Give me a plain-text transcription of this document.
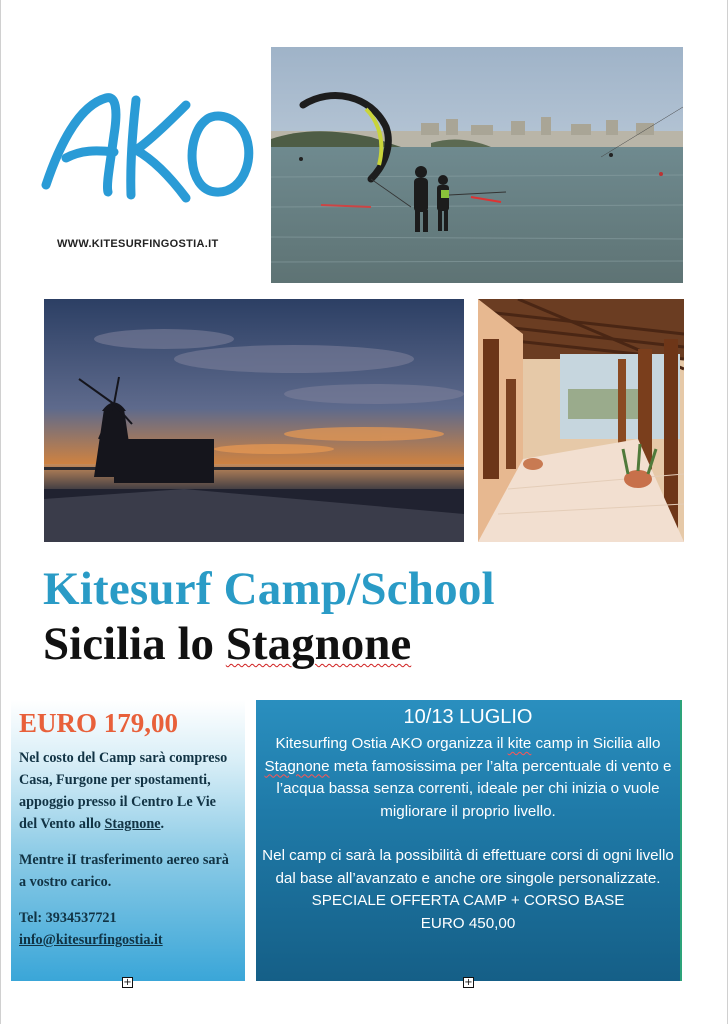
WWW.KITESURFINGOSTIA.IT
Kitesurf Camp/School
Sicilia lo Stagnone
EURO 179,00
Nel costo del Camp sarà compreso Casa, Furgone per spostamenti, appoggio presso il Centro Le Vie del Vento allo Stagnone.
Mentre iI trasferimento aereo sarà a vostro carico.
Tel: 3934537721
info@kitesurfingostia.it
10/13 LUGLIO

Kitesurfing Ostia AKO organizza il kite camp in Sicilia allo Stagnone meta famosissima per l’alta percentuale di vento e l’acqua bassa senza correnti, ideale per chi inizia o vuole migliorare il proprio livello.

Nel camp ci sarà la possibilità di effettuare corsi di ogni livello dal base all’avanzato e anche ore singole personalizzate.

SPECIALE OFFERTA CAMP + CORSO BASE

EURO 450,00

+	+
